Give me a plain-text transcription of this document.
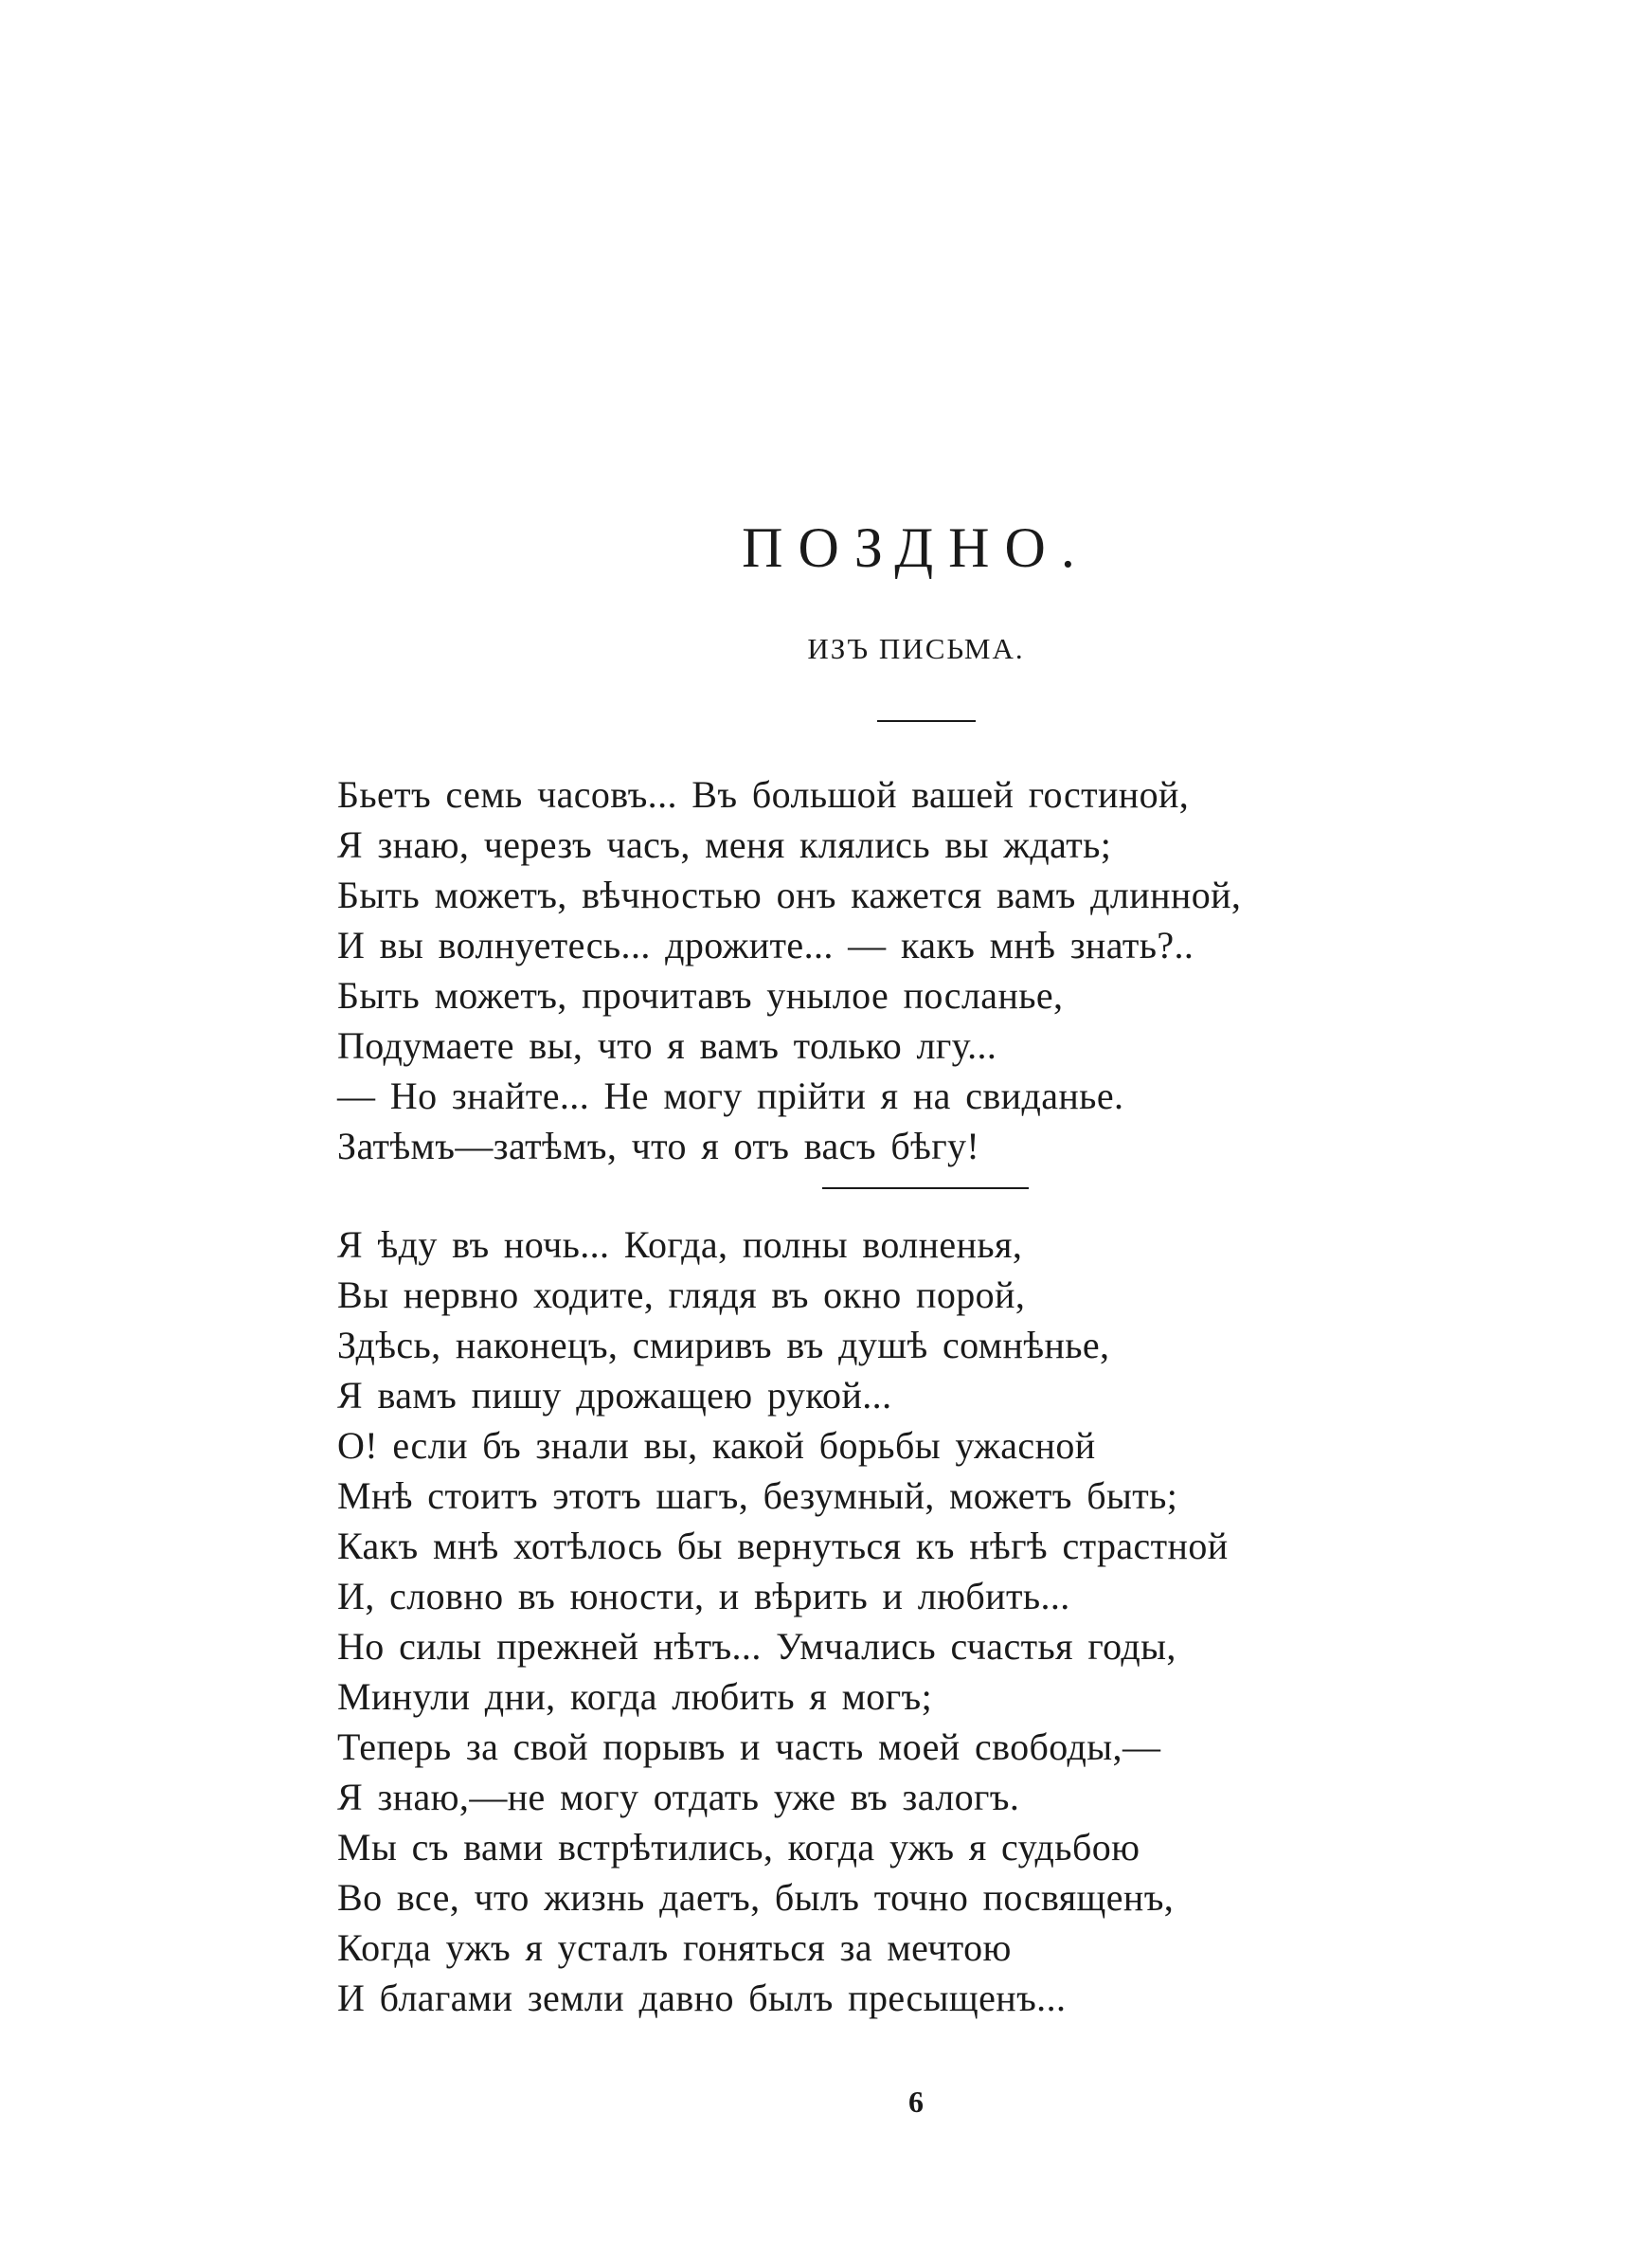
ПОЗДНО.
ИЗЪ ПИСЬМА.
Бьетъ семь часовъ... Въ большой вашей гостиной,
Я знаю, черезъ часъ, меня клялись вы ждать;
Быть можетъ, вѣчностью онъ кажется вамъ длинной,
И вы волнуетесь... дрожите... — какъ мнѣ знать?..
Быть можетъ, прочитавъ унылое посланье,
Подумаете вы, что я вамъ только лгу...
— Но знайте... Не могу прійти я на свиданье.
Затѣмъ—затѣмъ, что я отъ васъ бѣгу!
Я ѣду въ ночь... Когда, полны волненья,
Вы нервно ходите, глядя въ окно порой,
Здѣсь, наконецъ, смиривъ въ душѣ сомнѣнье,
Я вамъ пишу дрожащею рукой...
О! если бъ знали вы, какой борьбы ужасной
Мнѣ стоитъ этотъ шагъ, безумный, можетъ быть;
Какъ мнѣ хотѣлось бы вернуться къ нѣгѣ страстной
И, словно въ юности, и вѣрить и любить...
Но силы прежней нѣтъ... Умчались счастья годы,
Минули дни, когда любить я могъ;
Теперь за свой порывъ и часть моей свободы,—
Я знаю,—не могу отдать уже въ залогъ.
Мы съ вами встрѣтились, когда ужъ я судьбою
Во все, что жизнь даетъ, былъ точно посвященъ,
Когда ужъ я усталъ гоняться за мечтою
И благами земли давно былъ пресыщенъ...
6
